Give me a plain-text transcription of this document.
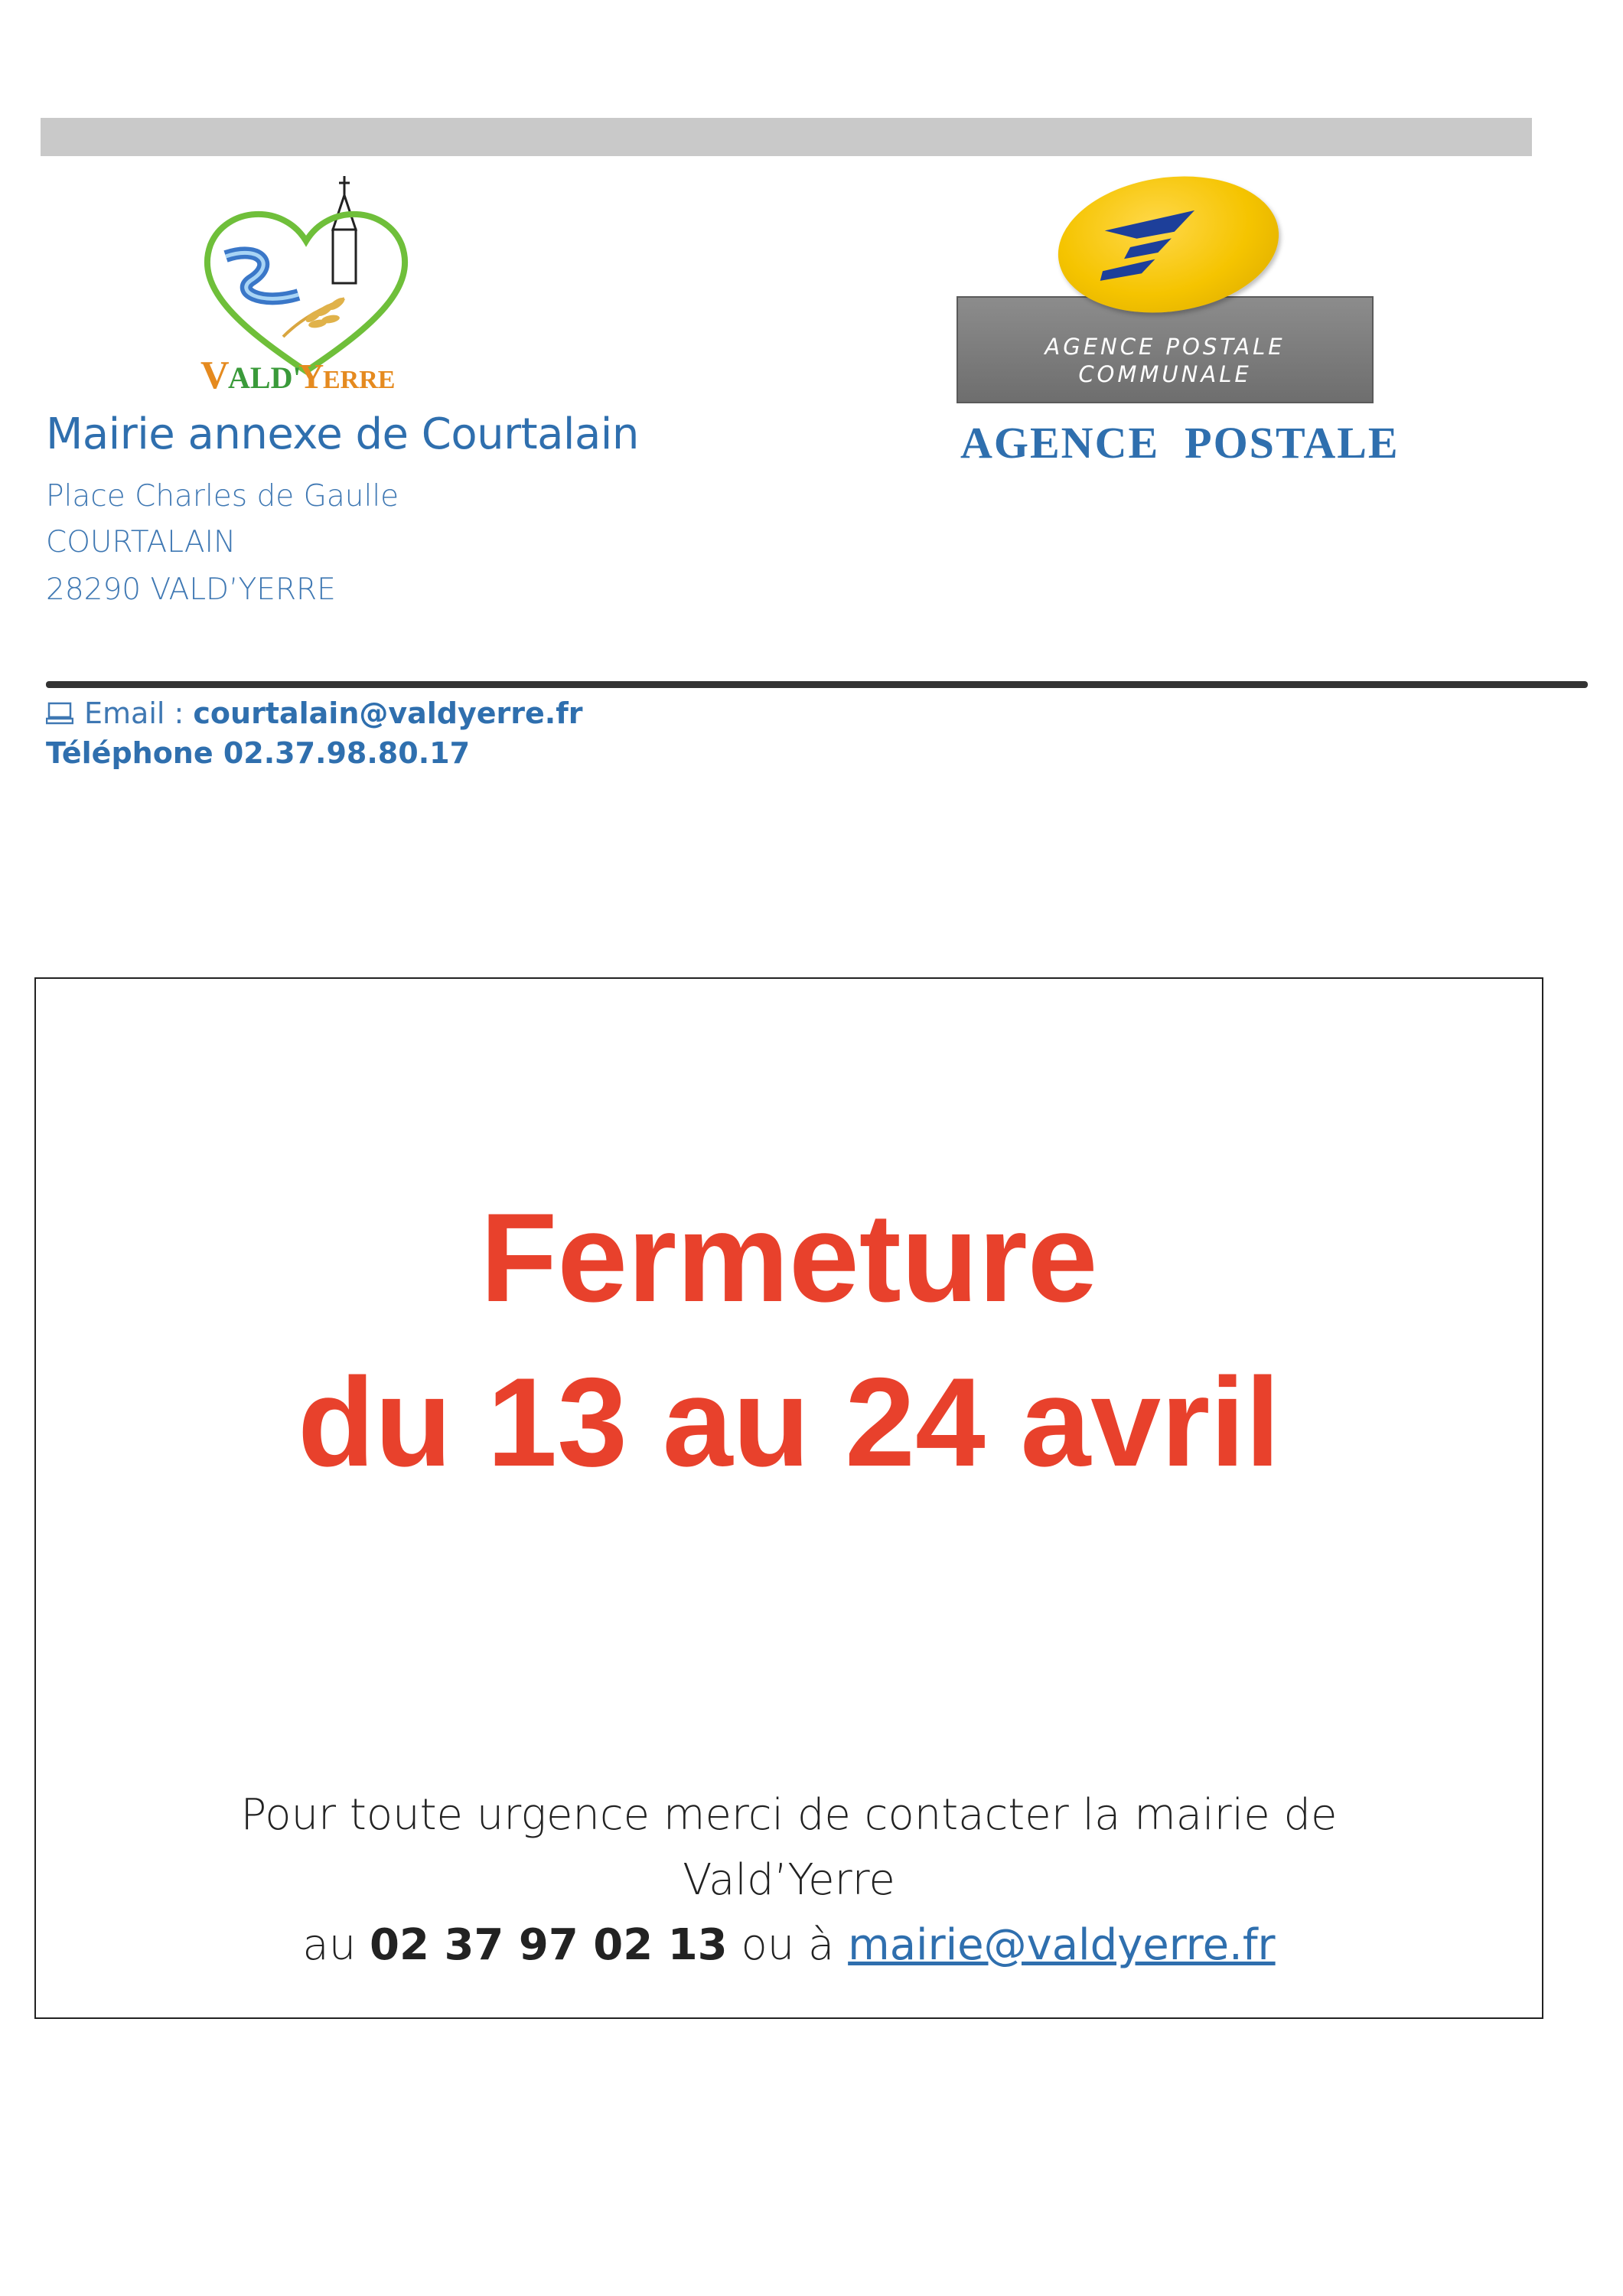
V
ALD'
Y
ERRE
Mairie annexe de Courtalain
Place Charles de Gaulle
COURTALAIN
28290 VALD’YERRE
AGENCE POSTALE
COMMUNALE
AGENCE  POSTALE
Email : courtalain@valdyerre.fr
Téléphone 02.37.98.80.17
Fermeture
du 13 au 24 avril
Pour toute urgence merci de contacter la mairie de
Vald’Yerre
au 02 37 97 02 13 ou à mairie@valdyerre.fr
